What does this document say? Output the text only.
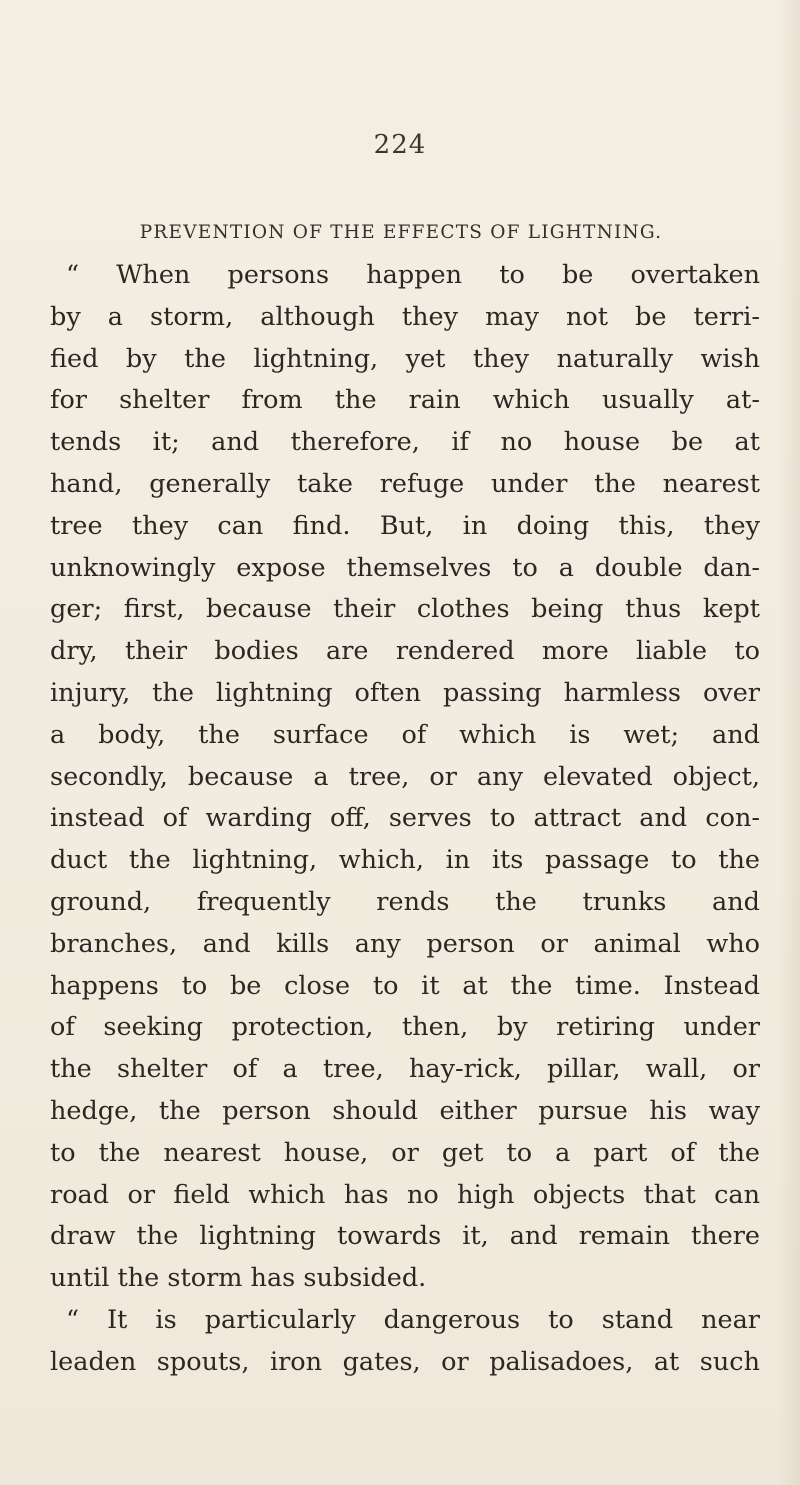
224
PREVENTION OF THE EFFECTS OF LIGHTNING.
“ When persons happen to be overtaken
by a storm, although they may not be terri-
fied by the lightning, yet they naturally wish
for shelter from the rain which usually at-
tends it; and therefore, if no house be at
hand, generally take refuge under the nearest
tree they can find. But, in doing this, they
unknowingly expose themselves to a double dan-
ger; first, because their clothes being thus kept
dry, their bodies are rendered more liable to
injury, the lightning often passing harmless over
a body, the surface of which is wet; and
secondly, because a tree, or any elevated object,
instead of warding off, serves to attract and con-
duct the lightning, which, in its passage to the
ground, frequently rends the trunks and
branches, and kills any person or animal who
happens to be close to it at the time. Instead
of seeking protection, then, by retiring under
the shelter of a tree, hay-rick, pillar, wall, or
hedge, the person should either pursue his way
to the nearest house, or get to a part of the
road or field which has no high objects that can
draw the lightning towards it, and remain there
until the storm has subsided.
“ It is particularly dangerous to stand near
leaden spouts, iron gates, or palisadoes, at such
